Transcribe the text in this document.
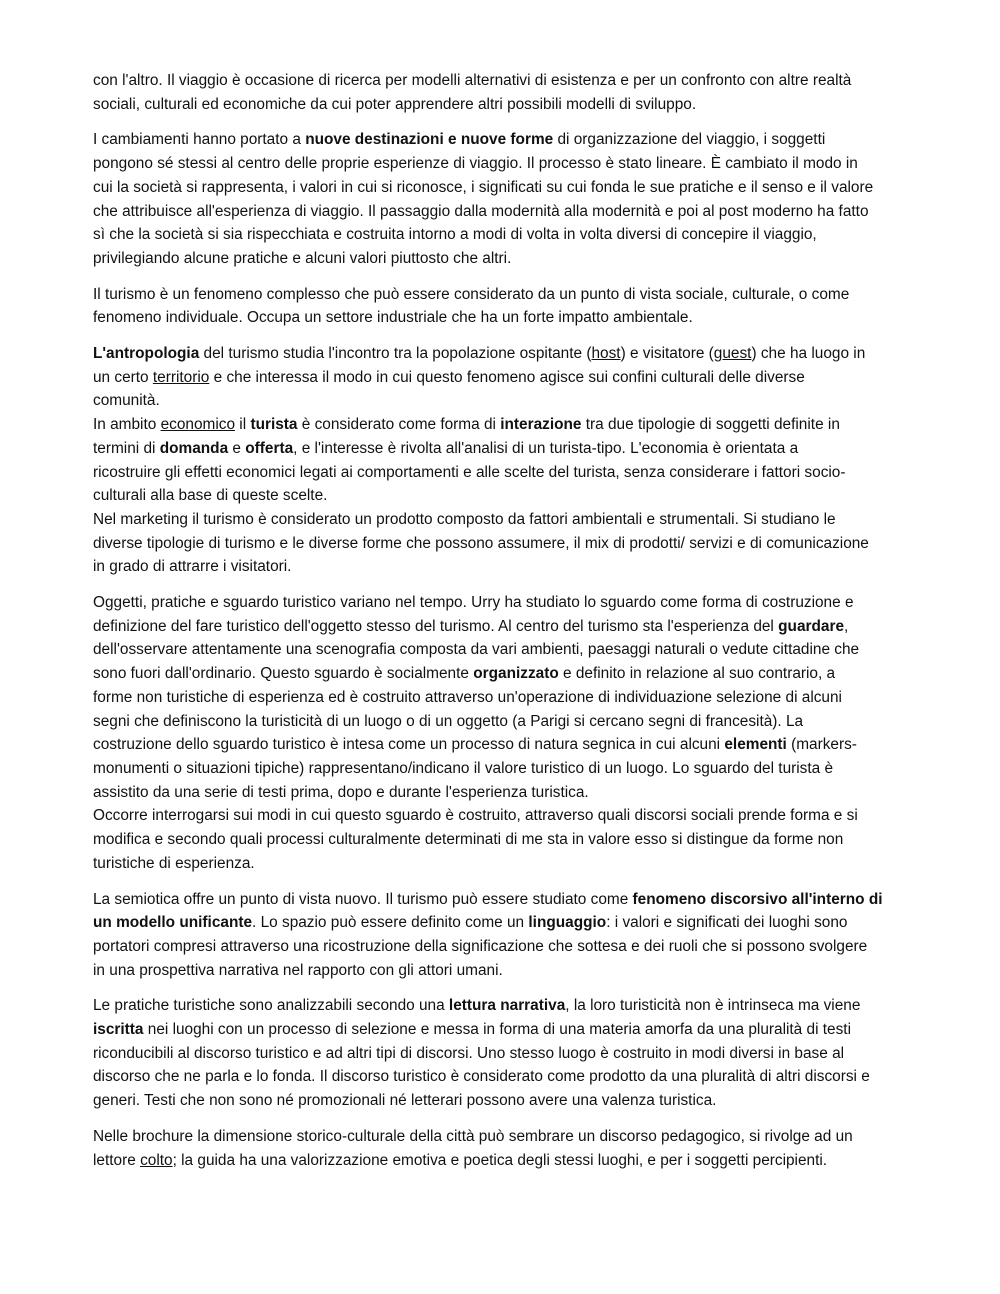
con l'altro. Il viaggio è occasione di ricerca per modelli alternativi di esistenza e per un confronto con altre realtà
sociali, culturali ed economiche da cui poter apprendere altri possibili modelli di sviluppo.
I cambiamenti hanno portato a nuove destinazioni e nuove forme di organizzazione del viaggio, i soggetti
pongono sé stessi al centro delle proprie esperienze di viaggio. Il processo è stato lineare. È cambiato il modo in
cui la società si rappresenta, i valori in cui si riconosce, i significati su cui fonda le sue pratiche e il senso e il valore
che attribuisce all'esperienza di viaggio. Il passaggio dalla modernità alla modernità e poi al post moderno ha fatto
sì che la società si sia rispecchiata e costruita intorno a modi di volta in volta diversi di concepire il viaggio,
privilegiando alcune pratiche e alcuni valori piuttosto che altri.
Il turismo è un fenomeno complesso che può essere considerato da un punto di vista sociale, culturale, o come
fenomeno individuale. Occupa un settore industriale che ha un forte impatto ambientale.
L'antropologia del turismo studia l'incontro tra la popolazione ospitante (host) e visitatore (guest) che ha luogo in
un certo territorio e che interessa il modo in cui questo fenomeno agisce sui confini culturali delle diverse
comunità.
In ambito economico il turista è considerato come forma di interazione tra due tipologie di soggetti definite in
termini di domanda e offerta, e l'interesse è rivolta all'analisi di un turista-tipo. L'economia è orientata a
ricostruire gli effetti economici legati ai comportamenti e alle scelte del turista, senza considerare i fattori socio-
culturali alla base di queste scelte.
Nel marketing il turismo è considerato un prodotto composto da fattori ambientali e strumentali. Si studiano le
diverse tipologie di turismo e le diverse forme che possono assumere, il mix di prodotti/ servizi e di comunicazione
in grado di attrarre i visitatori.
Oggetti, pratiche e sguardo turistico variano nel tempo. Urry ha studiato lo sguardo come forma di costruzione e
definizione del fare turistico dell'oggetto stesso del turismo. Al centro del turismo sta l'esperienza del guardare,
dell'osservare attentamente una scenografia composta da vari ambienti, paesaggi naturali o vedute cittadine che
sono fuori dall'ordinario. Questo sguardo è socialmente organizzato e definito in relazione al suo contrario, a
forme non turistiche di esperienza ed è costruito attraverso un'operazione di individuazione selezione di alcuni
segni che definiscono la turisticità di un luogo o di un oggetto (a Parigi si cercano segni di francesità). La
costruzione dello sguardo turistico è intesa come un processo di natura segnica in cui alcuni elementi (markers-
monumenti o situazioni tipiche) rappresentano/indicano il valore turistico di un luogo. Lo sguardo del turista è
assistito da una serie di testi prima, dopo e durante l'esperienza turistica.
Occorre interrogarsi sui modi in cui questo sguardo è costruito, attraverso quali discorsi sociali prende forma e si
modifica e secondo quali processi culturalmente determinati di me sta in valore esso si distingue da forme non
turistiche di esperienza.
La semiotica offre un punto di vista nuovo. Il turismo può essere studiato come fenomeno discorsivo all'interno di
un modello unificante. Lo spazio può essere definito come un linguaggio: i valori e significati dei luoghi sono
portatori compresi attraverso una ricostruzione della significazione che sottesa e dei ruoli che si possono svolgere
in una prospettiva narrativa nel rapporto con gli attori umani.
Le pratiche turistiche sono analizzabili secondo una lettura narrativa, la loro turisticità non è intrinseca ma viene
iscritta nei luoghi con un processo di selezione e messa in forma di una materia amorfa da una pluralità di testi
riconducibili al discorso turistico e ad altri tipi di discorsi. Uno stesso luogo è costruito in modi diversi in base al
discorso che ne parla e lo fonda. Il discorso turistico è considerato come prodotto da una pluralità di altri discorsi e
generi. Testi che non sono né promozionali né letterari possono avere una valenza turistica.
Nelle brochure la dimensione storico-culturale della città può sembrare un discorso pedagogico, si rivolge ad un
lettore colto; la guida ha una valorizzazione emotiva e poetica degli stessi luoghi, e per i soggetti percipienti.
